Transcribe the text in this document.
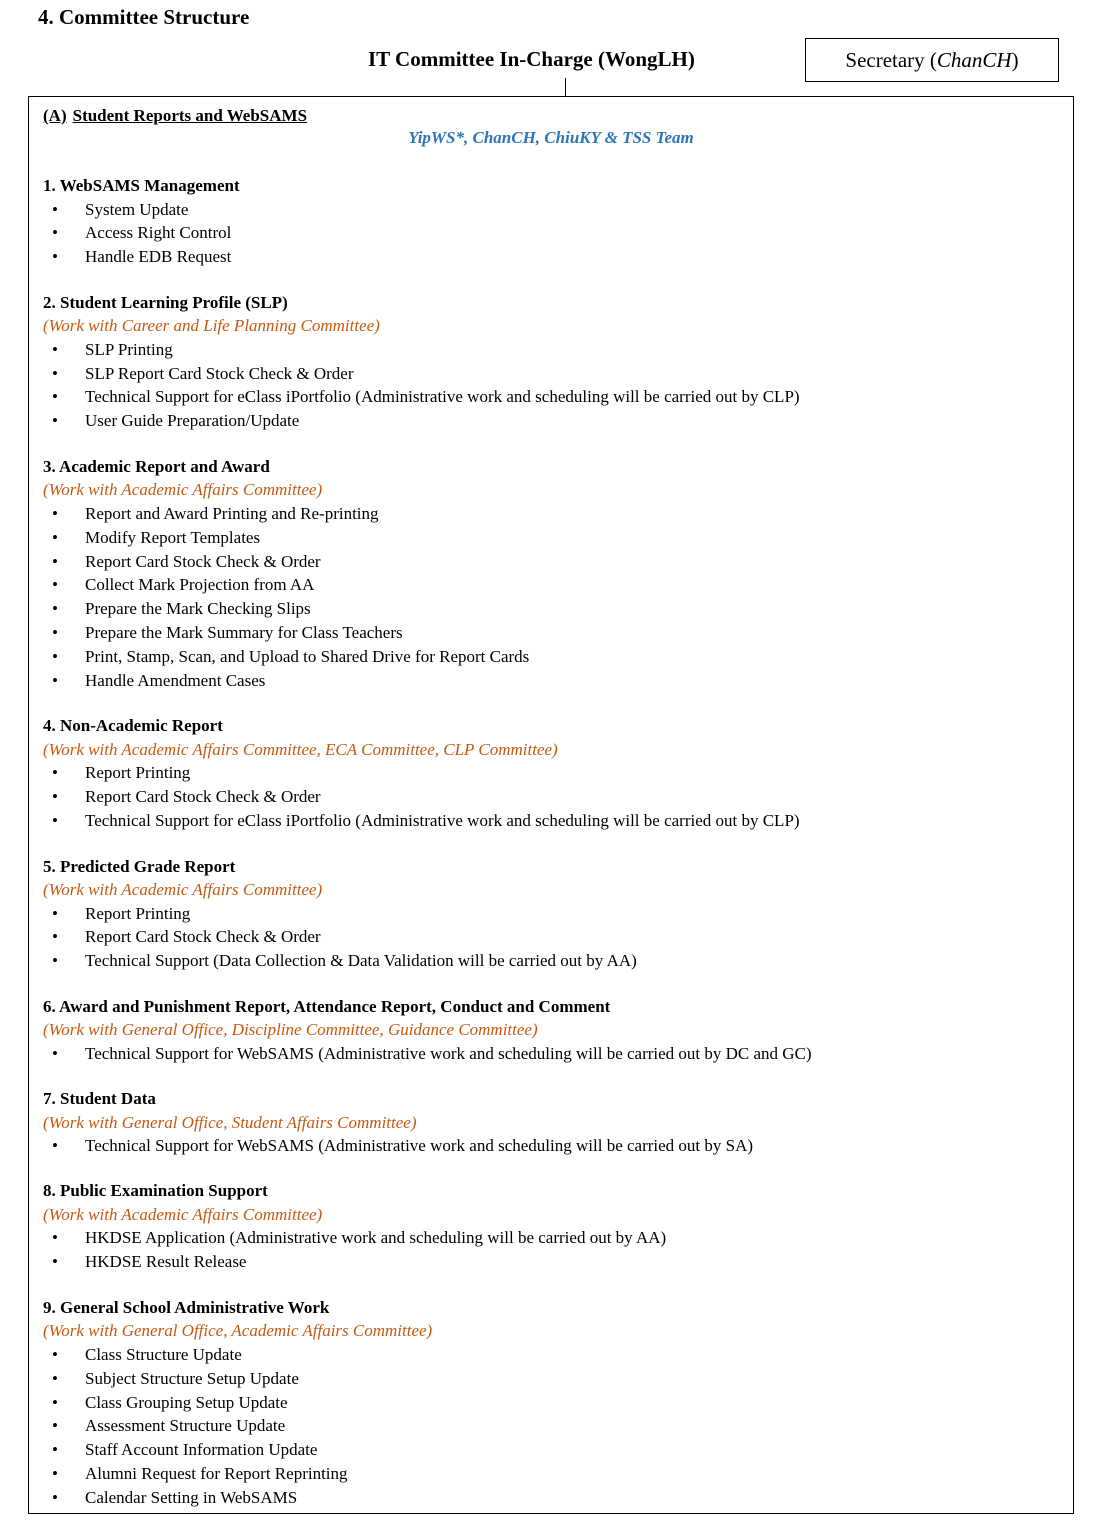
4. Committee Structure
IT Committee In-Charge (WongLH)	Secretary ( ChanCH )
(A) Student Reports and WebSAMS
YipWS*, ChanCH, ChiuKY & TSS Team
1. WebSAMS Management
• System Update
• Access Right Control
• Handle EDB Request
2. Student Learning Profile (SLP)
(Work with Career and Life Planning Committee)
• SLP Printing
• SLP Report Card Stock Check & Order
• Technical Support for eClass iPortfolio (Administrative work and scheduling will be carried out by CLP)
• User Guide Preparation/Update
3. Academic Report and Award
(Work with Academic Affairs Committee)
• Report and Award Printing and Re-printing
• Modify Report Templates
• Report Card Stock Check & Order
• Collect Mark Projection from AA
• Prepare the Mark Checking Slips
• Prepare the Mark Summary for Class Teachers
• Print, Stamp, Scan, and Upload to Shared Drive for Report Cards
• Handle Amendment Cases
4. Non-Academic Report
(Work with Academic Affairs Committee, ECA Committee, CLP Committee)
• Report Printing
• Report Card Stock Check & Order
• Technical Support for eClass iPortfolio (Administrative work and scheduling will be carried out by CLP)
5. Predicted Grade Report
(Work with Academic Affairs Committee)
• Report Printing
• Report Card Stock Check & Order
• Technical Support (Data Collection & Data Validation will be carried out by AA)
6. Award and Punishment Report, Attendance Report, Conduct and Comment
(Work with General Office, Discipline Committee, Guidance Committee)
• Technical Support for WebSAMS (Administrative work and scheduling will be carried out by DC and GC)
7. Student Data
(Work with General Office, Student Affairs Committee)
• Technical Support for WebSAMS (Administrative work and scheduling will be carried out by SA)
8. Public Examination Support
(Work with Academic Affairs Committee)
• HKDSE Application (Administrative work and scheduling will be carried out by AA)
• HKDSE Result Release
9. General School Administrative Work
(Work with General Office, Academic Affairs Committee)
• Class Structure Update
• Subject Structure Setup Update
• Class Grouping Setup Update
• Assessment Structure Update
• Staff Account Information Update
• Alumni Request for Report Reprinting
• Calendar Setting in WebSAMS
